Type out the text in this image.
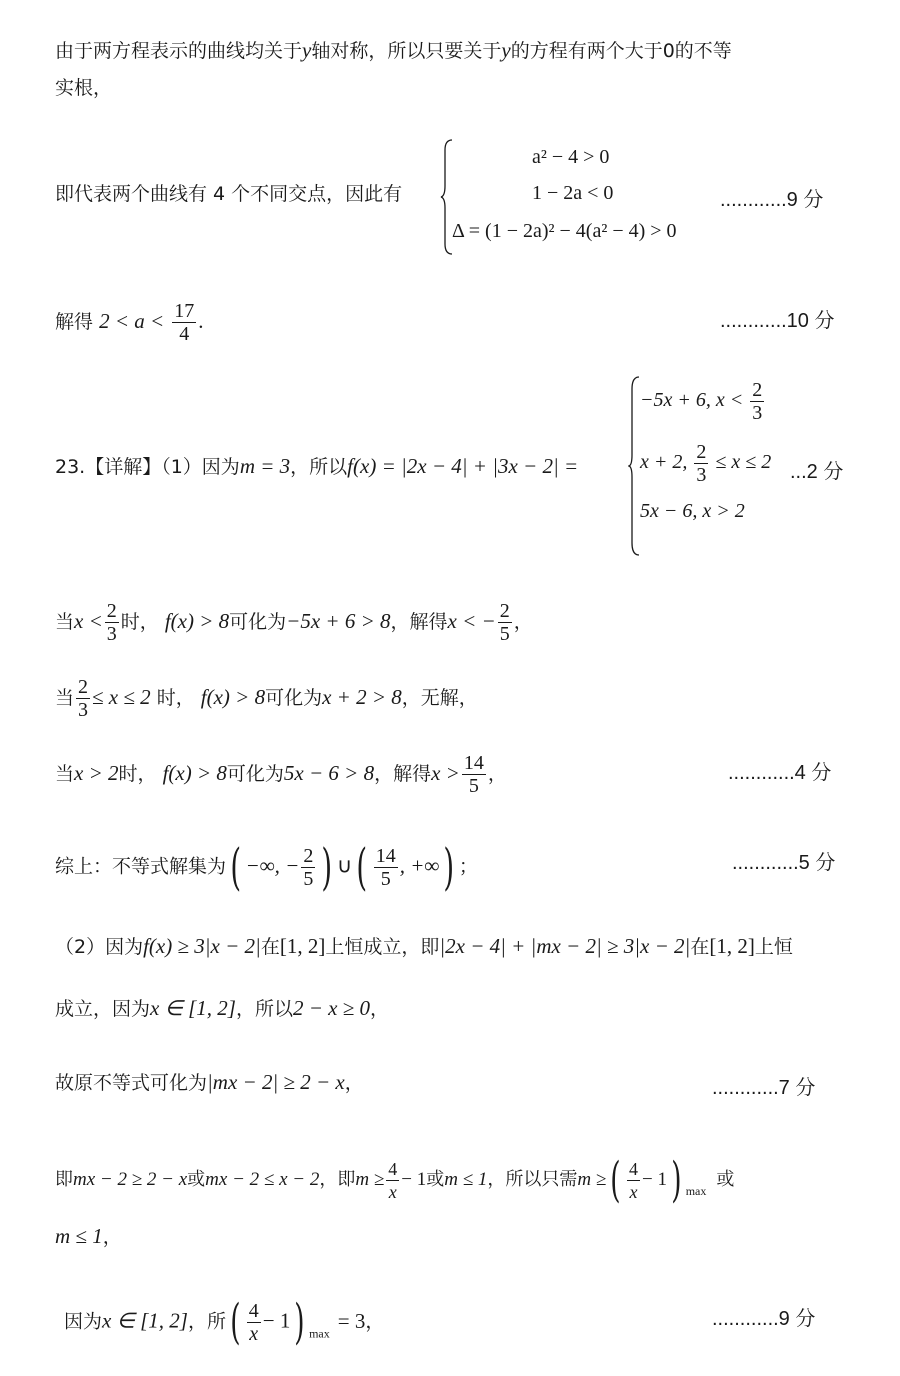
由于两方程表示的曲线均关于y轴对称，所以只要关于y的方程有两个大于0的不等
实根，
即代表两个曲线有 4 个不同交点，因此有
a² − 4 > 0
1 − 2a < 0
Δ = (1 − 2a)² − 4(a² − 4) > 0
............9 分
解得 $2 < a < \frac{17}{4}$ .	............10 分
23.【详解】（1）因为m = 3，所以f(x) = |2x − 4| + |3x − 2| =
−5x + 6, $x < \frac{2}{3}$
x + 2, $\frac{2}{3} \le x \le 2$
5x − 6, x > 2
...2 分
当$x < \frac{2}{3}$ 时， f(x) > 8可化为−5x + 6 > 8，解得x < − $\frac{2}{5}$ ，
当 $\frac{2}{3} \le x \le 2$ 时， f(x) > 8可化为x + 2 > 8，无解，
当x > 2时， f(x) > 8可化为5x − 6 > 8，解得$x > \frac{14}{5}$ ，	............4 分
综上：不等式解集为( −∞, − $\frac{2}{5}$ ) ∪( $\frac{14}{5}$ , +∞) ；	............5 分
（2）因为f(x) ≥ 3|x − 2|在[1, 2]上恒成立，即|2x − 4| + |mx − 2| ≥ 3|x − 2|在[1, 2]上恒
成立，因为x ∈ [1, 2]，所以2 − x ≥ 0，
故原不等式可化为|mx − 2| ≥ 2 − x，	............7 分
即mx − 2 ≥ 2 − x或mx − 2 ≤ x − 2，即$m \ge \frac{4}{x} - 1$或m ≤ 1，所以只需m ≥( $\frac{4}{x} - 1$) $_{max}$或
m ≤ 1，
因为x ∈ [1, 2]，所( $\frac{4}{x} - 1$) $_{max}$= 3，	............9 分
